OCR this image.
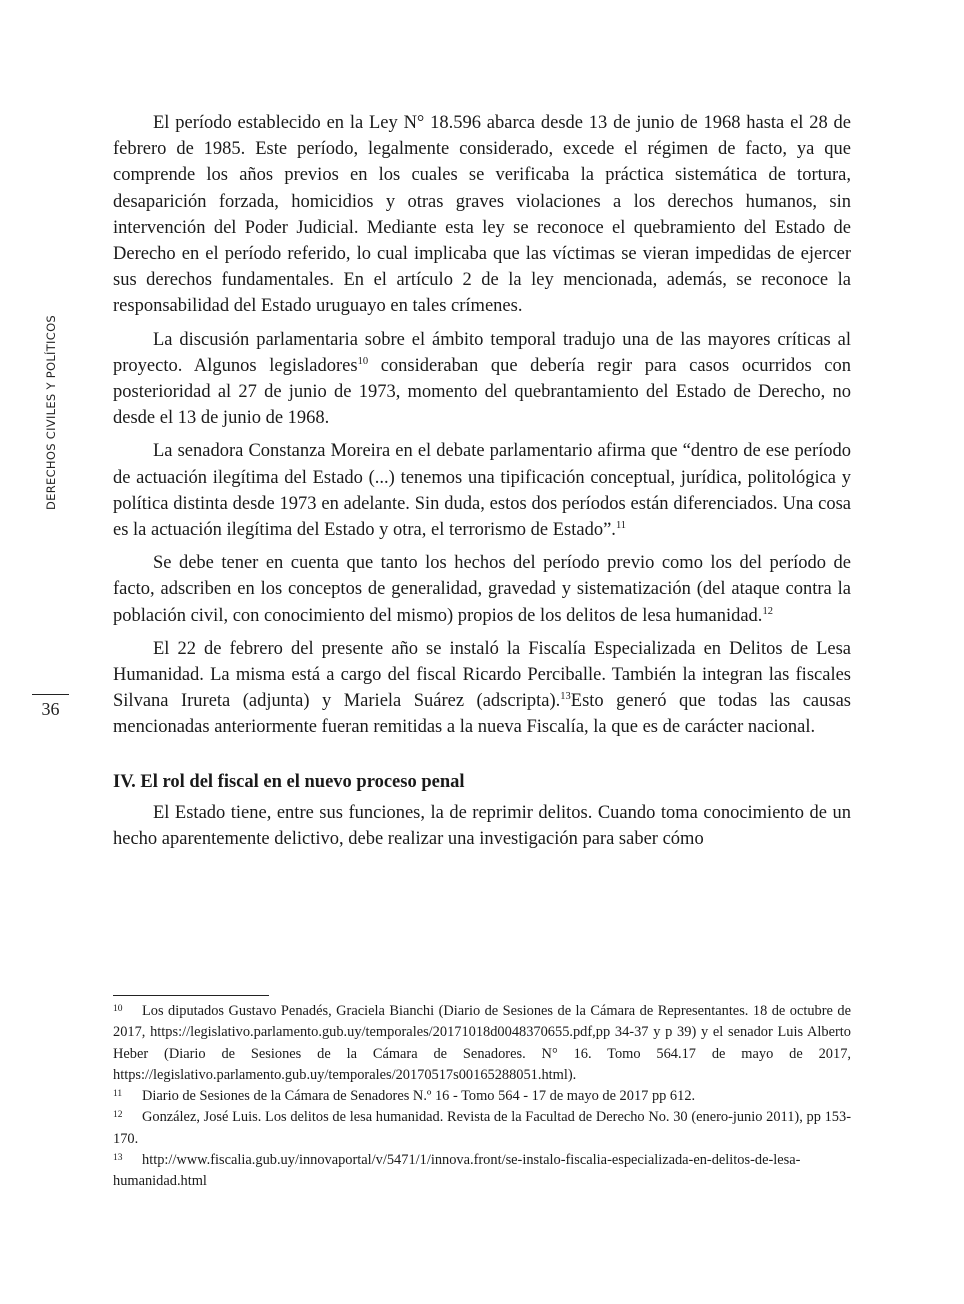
DERECHOS CIVILES Y POLÍTICOS
36

El período establecido en la Ley N° 18.596 abarca desde 13 de junio de 1968 hasta el 28 de febrero de 1985. Este período, legalmente considerado, excede el régimen de facto, ya que comprende los años previos en los cuales se verificaba la práctica sistemática de tortura, desaparición forzada, homicidios y otras graves violaciones a los derechos humanos, sin intervención del Poder Judicial. Mediante esta ley se reconoce el quebramiento del Estado de Derecho en el período referido, lo cual implicaba que las víctimas se vieran impedidas de ejercer sus derechos fundamentales. En el artículo 2 de la ley mencionada, además, se reconoce la responsabilidad del Estado uruguayo en tales crímenes.

La discusión parlamentaria sobre el ámbito temporal tradujo una de las mayores críticas al proyecto. Algunos legisladores$^{10}$ consideraban que debería regir para casos ocurridos con posterioridad al 27 de junio de 1973, momento del quebrantamiento del Estado de Derecho, no desde el 13 de junio de 1968.

La senadora Constanza Moreira en el debate parlamentario afirma que “dentro de ese período de actuación ilegítima del Estado (...) tenemos una tipificación conceptual, jurídica, politológica y política distinta desde 1973 en adelante. Sin duda, estos dos períodos están diferenciados. Una cosa es la actuación ilegítima del Estado y otra, el terrorismo de Estado”.$^{11}$

Se debe tener en cuenta que tanto los hechos del período previo como los del período de facto, adscriben en los conceptos de generalidad, gravedad y sistematización (del ataque contra la población civil, con conocimiento del mismo) propios de los delitos de lesa humanidad.$^{12}$

El 22 de febrero del presente año se instaló la Fiscalía Especializada en Delitos de Lesa Humanidad. La misma está a cargo del fiscal Ricardo Perciballe. También la integran las fiscales Silvana Irureta (adjunta) y Mariela Suárez (adscripta).$^{13}$Esto generó que todas las causas mencionadas anteriormente fueran remitidas a la nueva Fiscalía, la que es de carácter nacional.

IV. El rol del fiscal en el nuevo proceso penal

El Estado tiene, entre sus funciones, la de reprimir delitos. Cuando toma conocimiento de un hecho aparentemente delictivo, debe realizar una investigación para saber cómo

10 Los diputados Gustavo Penadés, Graciela Bianchi (Diario de Sesiones de la Cámara de Representantes. 18 de octubre de 2017, https://legislativo.parlamento.gub.uy/temporales/20171018d0048370655.pdf,pp 34-37 y p 39) y el senador Luis Alberto Heber (Diario de Sesiones de la Cámara de Senadores. N° 16. Tomo 564.17 de mayo de 2017, https://legislativo.parlamento.gub.uy/temporales/20170517s00165288051.html).

11 Diario de Sesiones de la Cámara de Senadores N.º 16 - Tomo 564 - 17 de mayo de 2017 pp 612.

12 González, José Luis. Los delitos de lesa humanidad. Revista de la Facultad de Derecho No. 30 (enero-junio 2011), pp 153-170.

13 http://www.fiscalia.gub.uy/innovaportal/v/5471/1/innova.front/se-instalo-fiscalia-especializada-en-delitos-de-lesa-humanidad.html
